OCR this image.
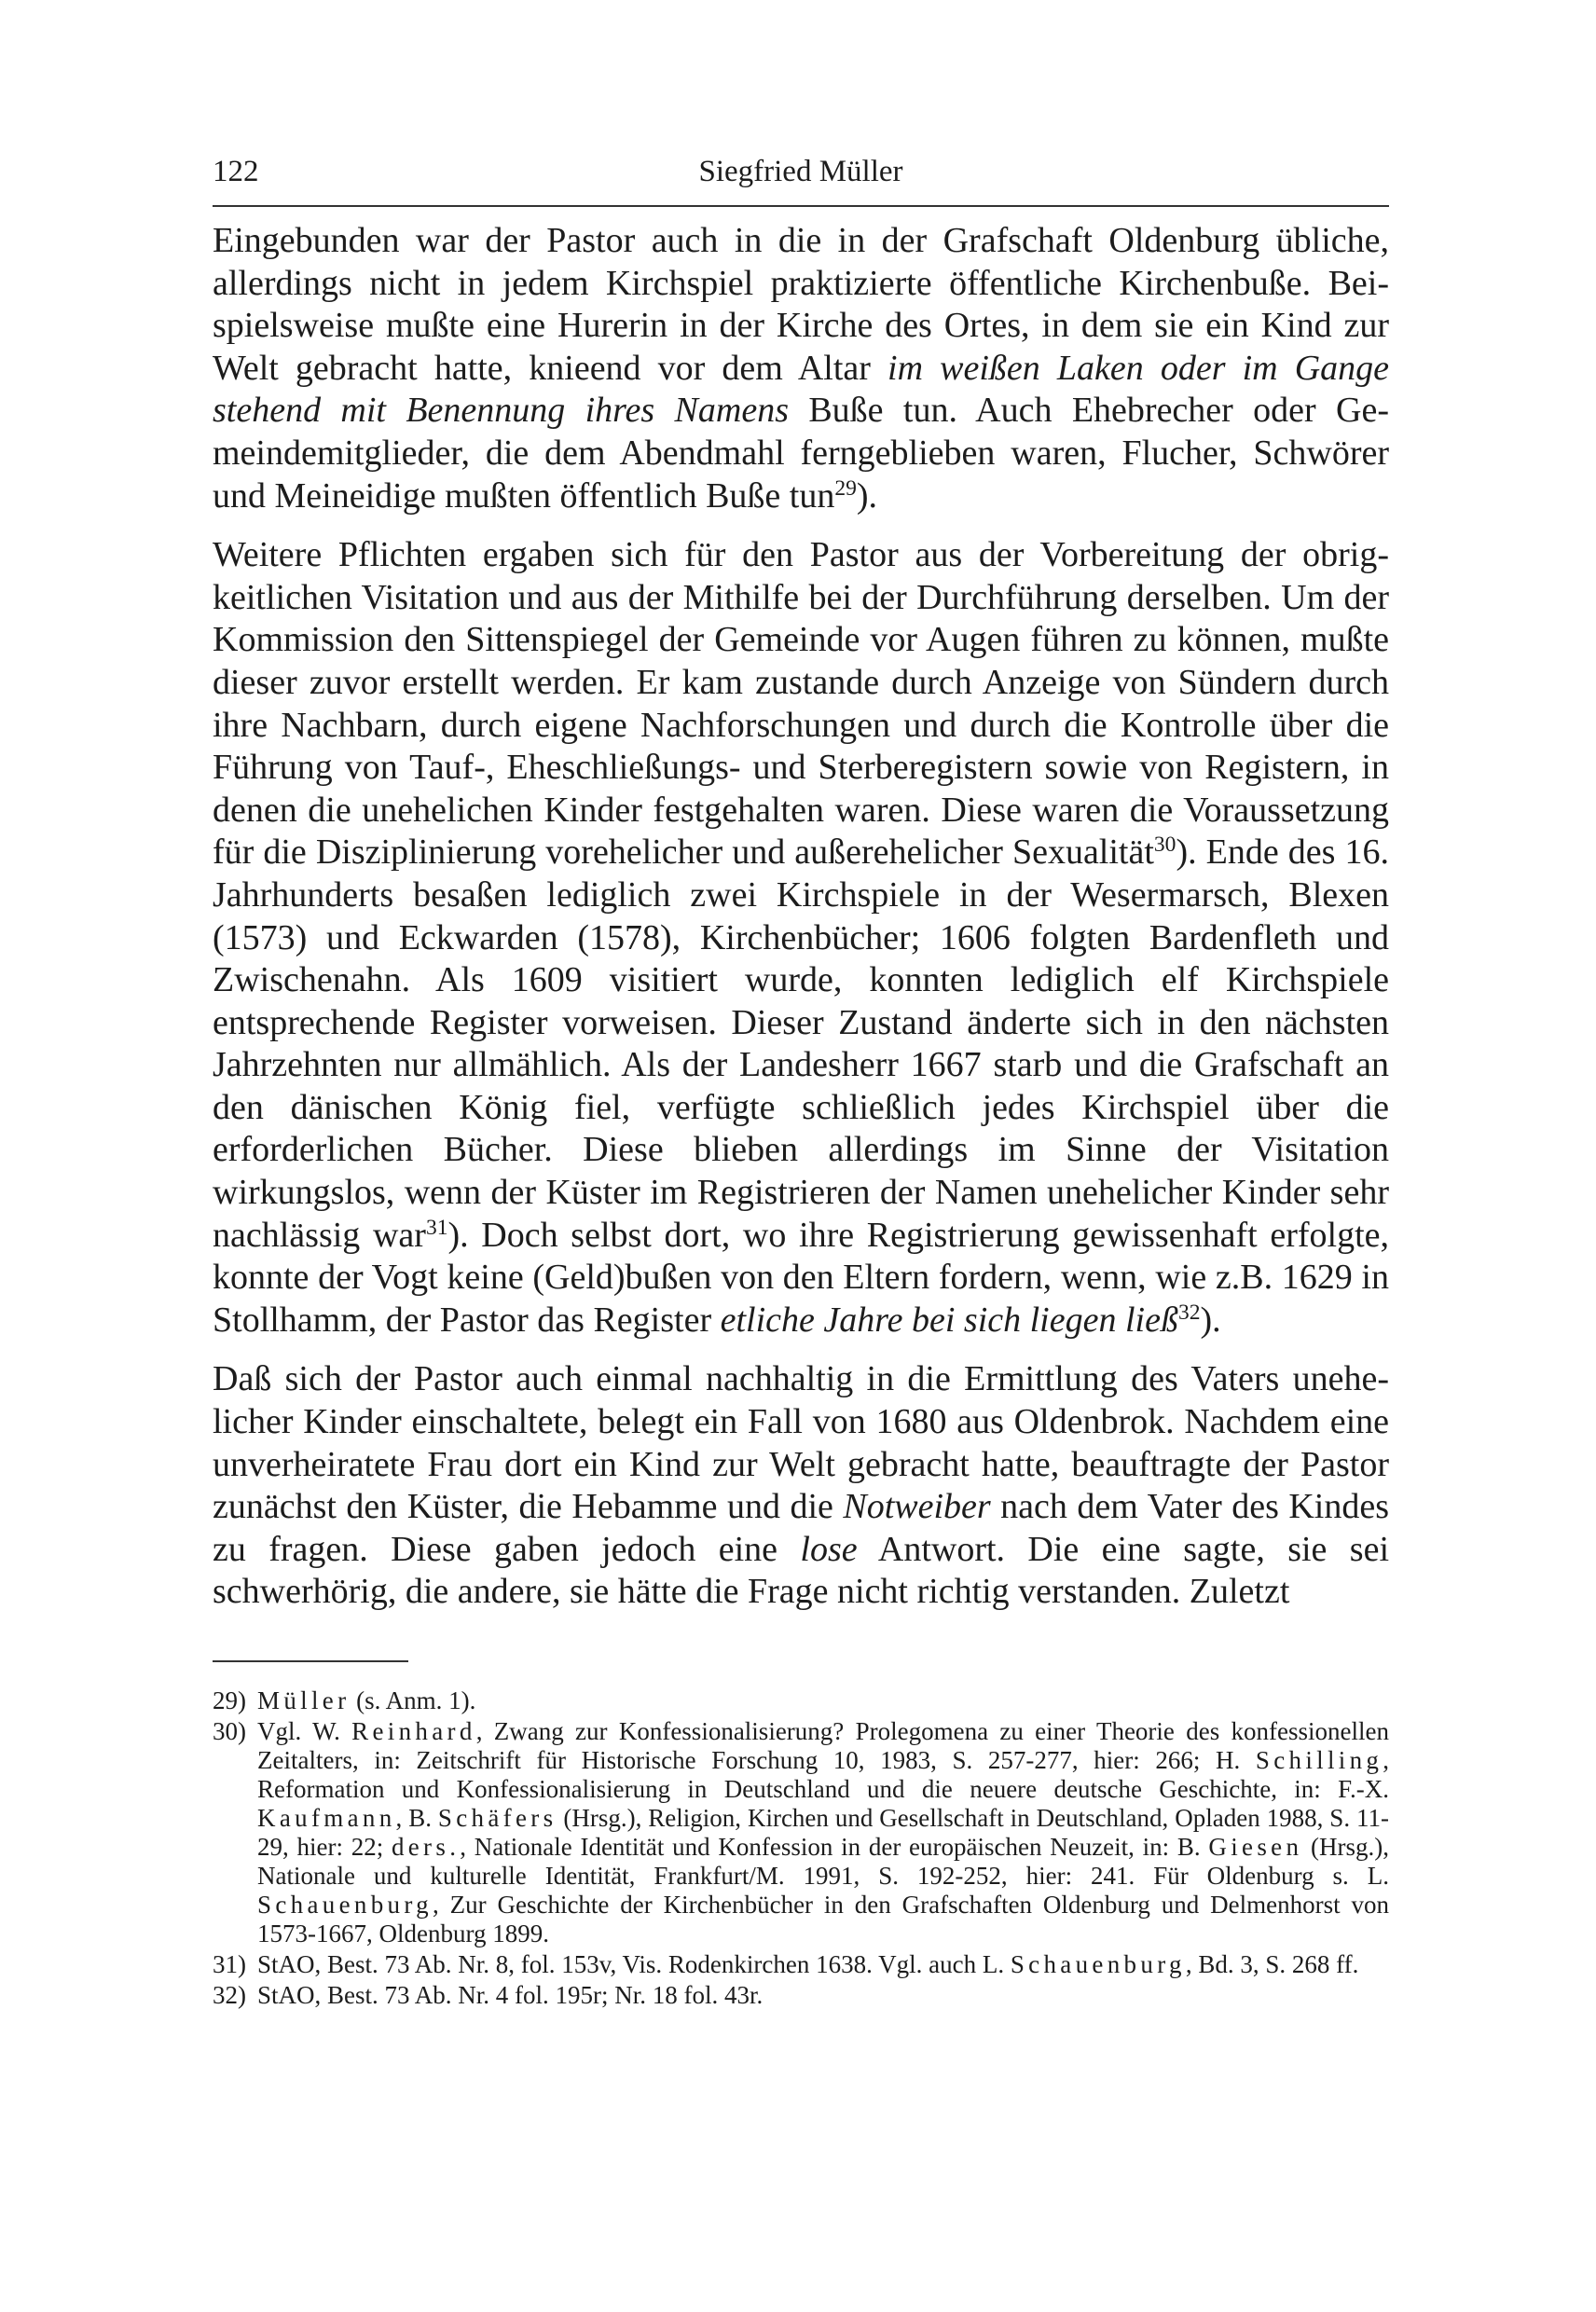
122	Siegfried Müller

Eingebunden war der Pastor auch in die in der Grafschaft Oldenburg übliche, allerdings nicht in jedem Kirchspiel praktizierte öffentliche Kirchenbuße. Beispielsweise mußte eine Hurerin in der Kirche des Ortes, in dem sie ein Kind zur Welt gebracht hatte, knieend vor dem Altar im weißen Laken oder im Gange stehend mit Benennung ihres Namens Buße tun. Auch Ehebrecher oder Gemeindemitglieder, die dem Abendmahl ferngeblieben waren, Flucher, Schwörer und Meineidige mußten öffentlich Buße tun$^{29}$).

Weitere Pflichten ergaben sich für den Pastor aus der Vorbereitung der obrigkeitlichen Visitation und aus der Mithilfe bei der Durchführung derselben. Um der Kommission den Sittenspiegel der Gemeinde vor Augen führen zu können, mußte dieser zuvor erstellt werden. Er kam zustande durch Anzeige von Sündern durch ihre Nachbarn, durch eigene Nachforschungen und durch die Kontrolle über die Führung von Tauf-, Eheschließungs- und Sterberegistern sowie von Registern, in denen die unehelichen Kinder festgehalten waren. Diese waren die Voraussetzung für die Disziplinierung vorehelicher und außerehelicher Sexualität$^{30}$). Ende des 16. Jahrhunderts besaßen lediglich zwei Kirchspiele in der Wesermarsch, Blexen (1573) und Eckwarden (1578), Kirchenbücher; 1606 folgten Bardenfleth und Zwischenahn. Als 1609 visitiert wurde, konnten lediglich elf Kirchspiele entsprechende Register vorweisen. Dieser Zustand änderte sich in den nächsten Jahrzehnten nur allmählich. Als der Landesherr 1667 starb und die Grafschaft an den dänischen König fiel, verfügte schließlich jedes Kirchspiel über die erforderlichen Bücher. Diese blieben allerdings im Sinne der Visitation wirkungslos, wenn der Küster im Registrieren der Namen unehelicher Kinder sehr nachlässig war$^{31}$). Doch selbst dort, wo ihre Registrierung gewissenhaft erfolgte, konnte der Vogt keine (Geld)bußen von den Eltern fordern, wenn, wie z.B. 1629 in Stollhamm, der Pastor das Register etliche Jahre bei sich liegen ließ$^{32}$).

Daß sich der Pastor auch einmal nachhaltig in die Ermittlung des Vaters unehelicher Kinder einschaltete, belegt ein Fall von 1680 aus Oldenbrok. Nachdem eine unverheiratete Frau dort ein Kind zur Welt gebracht hatte, beauftragte der Pastor zunächst den Küster, die Hebamme und die Notweiber nach dem Vater des Kindes zu fragen. Diese gaben jedoch eine lose Antwort. Die eine sagte, sie sei schwerhörig, die andere, sie hätte die Frage nicht richtig verstanden. Zuletzt

29) Müller (s. Anm. 1).

30) Vgl. W. Reinhard, Zwang zur Konfessionalisierung? Prolegomena zu einer Theorie des konfessionellen Zeitalters, in: Zeitschrift für Historische Forschung 10, 1983, S. 257-277, hier: 266; H. Schilling, Reformation und Konfessionalisierung in Deutschland und die neuere deutsche Geschichte, in: F.-X. Kaufmann, B. Schäfers (Hrsg.), Religion, Kirchen und Gesellschaft in Deutschland, Opladen 1988, S. 11-29, hier: 22; ders., Nationale Identität und Konfession in der europäischen Neuzeit, in: B. Giesen (Hrsg.), Nationale und kulturelle Identität, Frankfurt/M. 1991, S. 192-252, hier: 241. Für Oldenburg s. L. Schauenburg, Zur Geschichte der Kirchenbücher in den Grafschaften Oldenburg und Delmenhorst von 1573-1667, Oldenburg 1899.

31) StAO, Best. 73 Ab. Nr. 8, fol. 153v, Vis. Rodenkirchen 1638. Vgl. auch L. Schauenburg, Bd. 3, S. 268 ff.

32) StAO, Best. 73 Ab. Nr. 4 fol. 195r; Nr. 18 fol. 43r.
